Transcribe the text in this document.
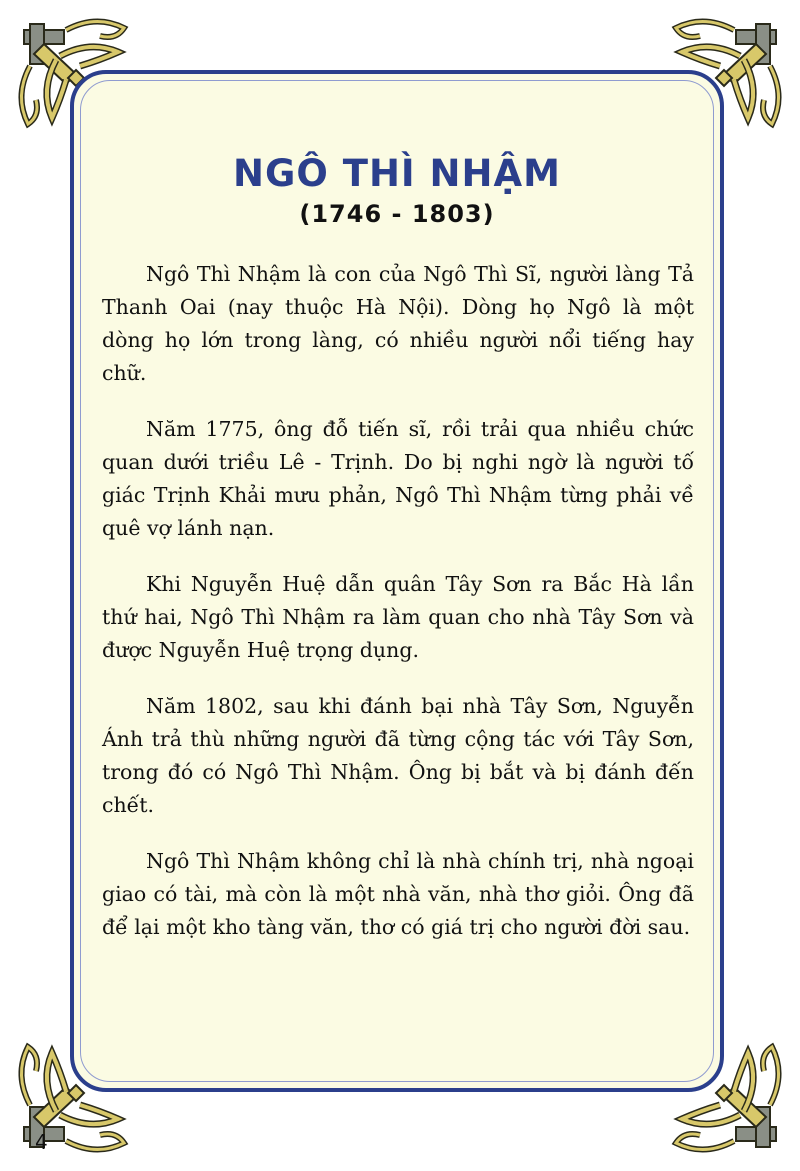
NGÔ THÌ NHẬM
(1746 - 1803)

Ngô Thì Nhậm là con của Ngô Thì Sĩ, người làng Tả Thanh Oai (nay thuộc Hà Nội). Dòng họ Ngô là một dòng họ lớn trong làng, có nhiều người nổi tiếng hay chữ.

Năm 1775, ông đỗ tiến sĩ, rồi trải qua nhiều chức quan dưới triều Lê - Trịnh. Do bị nghi ngờ là người tố giác Trịnh Khải mưu phản, Ngô Thì Nhậm từng phải về quê vợ lánh nạn.

Khi Nguyễn Huệ dẫn quân Tây Sơn ra Bắc Hà lần thứ hai, Ngô Thì Nhậm ra làm quan cho nhà Tây Sơn và được Nguyễn Huệ trọng dụng.

Năm 1802, sau khi đánh bại nhà Tây Sơn, Nguyễn Ánh trả thù những người đã từng cộng tác với Tây Sơn, trong đó có Ngô Thì Nhậm. Ông bị bắt và bị đánh đến chết.

Ngô Thì Nhậm không chỉ là nhà chính trị, nhà ngoại giao có tài, mà còn là một nhà văn, nhà thơ giỏi. Ông đã để lại một kho tàng văn, thơ có giá trị cho người đời sau.

4
